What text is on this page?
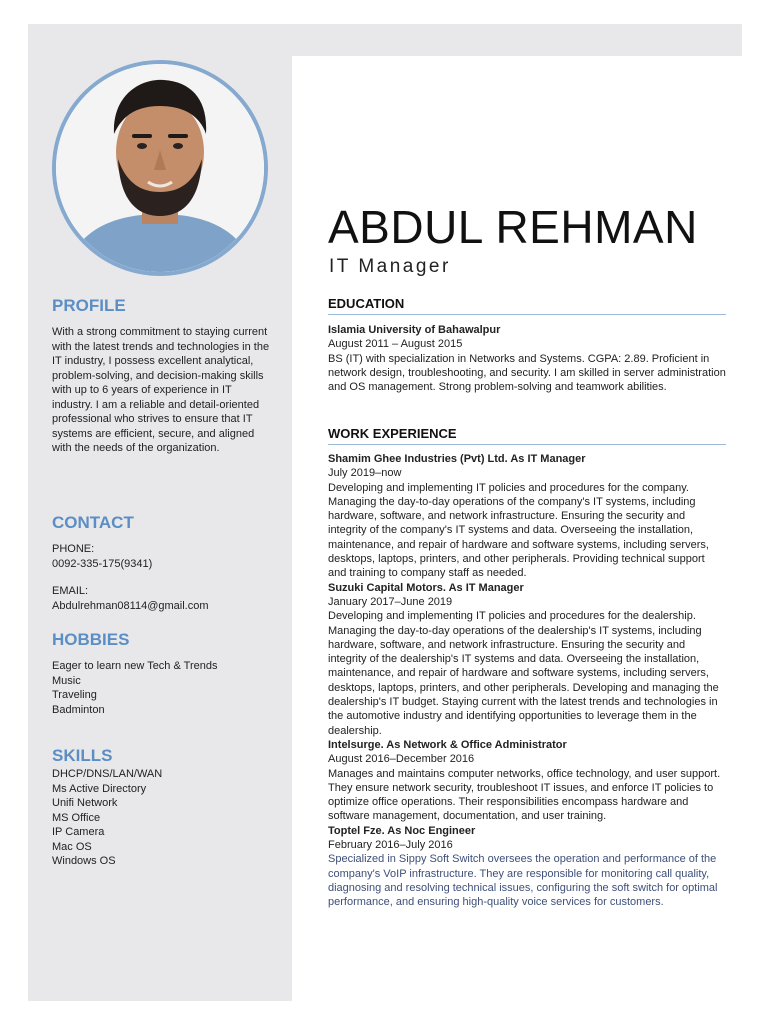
PROFILE

With a strong commitment to staying current with the latest trends and technologies in the IT industry, I possess excellent analytical, problem-solving, and decision-making skills with up to 6 years of experience in IT industry. I am a reliable and detail-oriented professional who strives to ensure that IT systems are efficient, secure, and aligned with the needs of the organization.

CONTACT
PHONE:
0092-335-175(9341)
EMAIL:
Abdulrehman08114@gmail.com
HOBBIES
Eager to learn new Tech & Trends
Music
Traveling
Badminton
SKILLS
DHCP/DNS/LAN/WAN
Ms Active Directory
Unifi Network
MS Office
IP Camera
Mac OS
Windows OS
ABDUL REHMAN
IT Manager
EDUCATION
Islamia University of Bahawalpur
August 2011 – August 2015

BS (IT) with specialization in Networks and Systems. CGPA: 2.89. Proficient in network design, troubleshooting, and security. I am skilled in server administration and OS management. Strong problem-solving and teamwork abilities.

WORK EXPERIENCE
Shamim Ghee Industries (Pvt) Ltd. As IT Manager
July 2019–now

Developing and implementing IT policies and procedures for the company. Managing the day-to-day operations of the company's IT systems, including hardware, software, and network infrastructure. Ensuring the security and integrity of the company's IT systems and data. Overseeing the installation, maintenance, and repair of hardware and software systems, including servers, desktops, laptops, printers, and other peripherals. Providing technical support and training to company staff as needed.

Suzuki Capital Motors. As IT Manager
January 2017–June 2019

Developing and implementing IT policies and procedures for the dealership. Managing the day-to-day operations of the dealership's IT systems, including hardware, software, and network infrastructure. Ensuring the security and integrity of the dealership's IT systems and data. Overseeing the installation, maintenance, and repair of hardware and software systems, including servers, desktops, laptops, printers, and other peripherals. Developing and managing the dealership's IT budget. Staying current with the latest trends and technologies in the automotive industry and identifying opportunities to leverage them in the dealership.

Intelsurge. As Network & Office Administrator
August 2016–December 2016

Manages and maintains computer networks, office technology, and user support. They ensure network security, troubleshoot IT issues, and enforce IT policies to optimize office operations. Their responsibilities encompass hardware and software management, documentation, and user training.

Toptel Fze. As Noc Engineer
February 2016–July 2016

Specialized in Sippy Soft Switch oversees the operation and performance of the company's VoIP infrastructure. They are responsible for monitoring call quality, diagnosing and resolving technical issues, configuring the soft switch for optimal performance, and ensuring high-quality voice services for customers.
